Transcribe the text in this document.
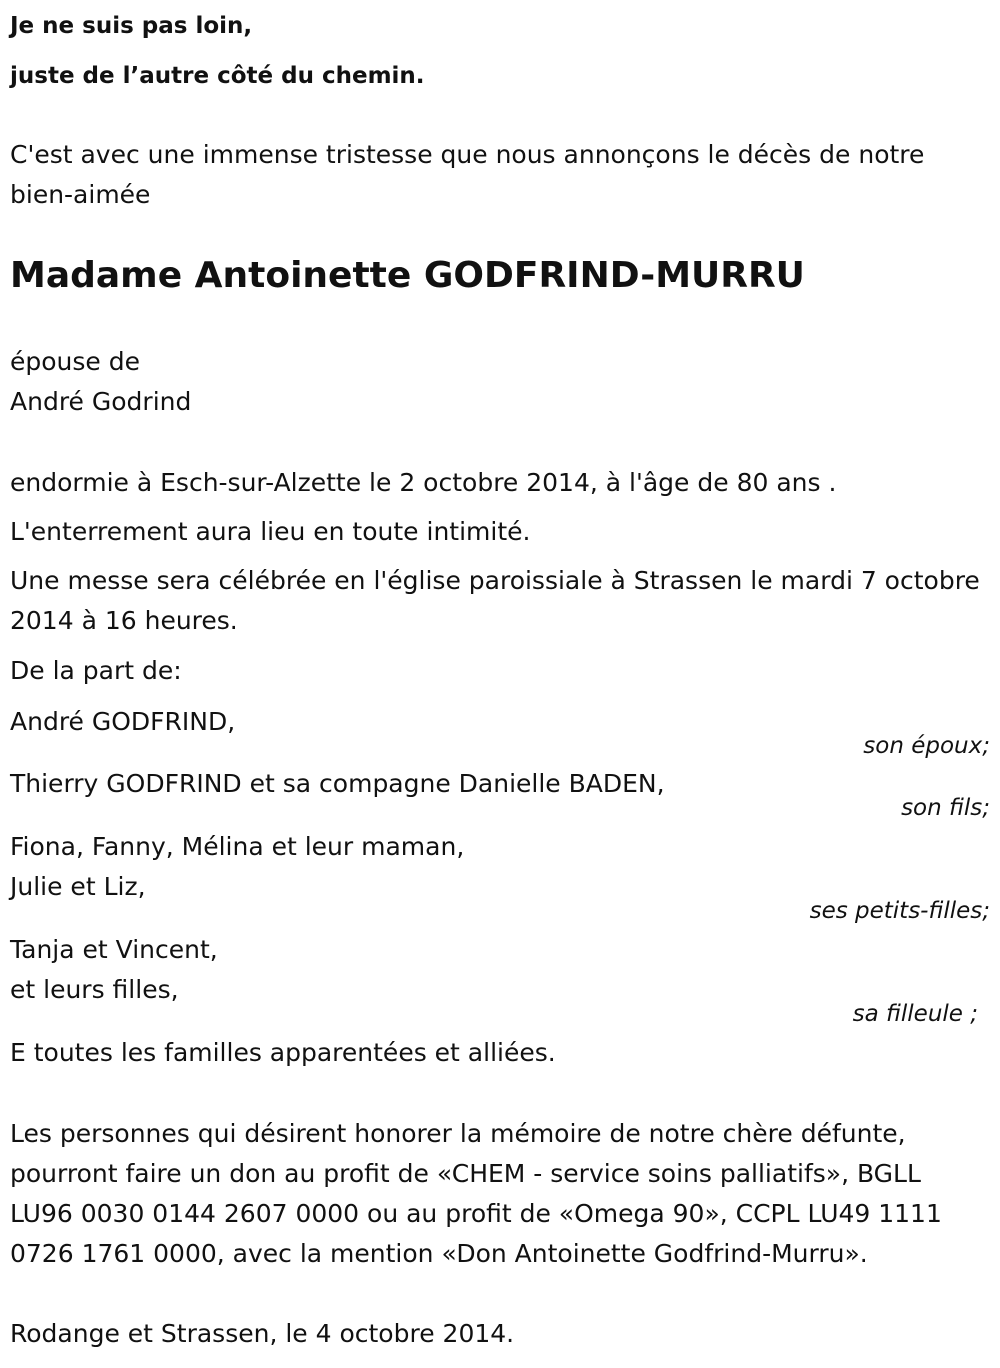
Je ne suis pas loin,

juste de l’autre côté du chemin.

C'est avec une immense tristesse que nous annonçons le décès de notre bien-aimée

Madame Antoinette GODFRIND-MURRU

épouse de

André Godrind

endormie à Esch-sur-Alzette le 2 octobre 2014, à l'âge de 80 ans .

L'enterrement aura lieu en toute intimité.

Une messe sera célébrée en l'église paroissiale à Strassen le mardi 7 octobre 2014 à 16 heures.

De la part de:

André GODFRIND,

son époux;

Thierry GODFRIND et sa compagne Danielle BADEN,

son fils;

Fiona, Fanny, Mélina et leur maman,

Julie et Liz,

ses petits-filles;

Tanja et Vincent,

et leurs filles,

sa filleule ;

E toutes les familles apparentées et alliées.

Les personnes qui désirent honorer la mémoire de notre chère défunte, pourront faire un don au profit de «CHEM - service soins palliatifs», BGLL LU96 0030 0144 2607 0000 ou au profit de «Omega 90», CCPL LU49 1111 0726 1761 0000, avec la mention «Don Antoinette Godfrind-Murru».

Rodange et Strassen, le 4 octobre 2014.
